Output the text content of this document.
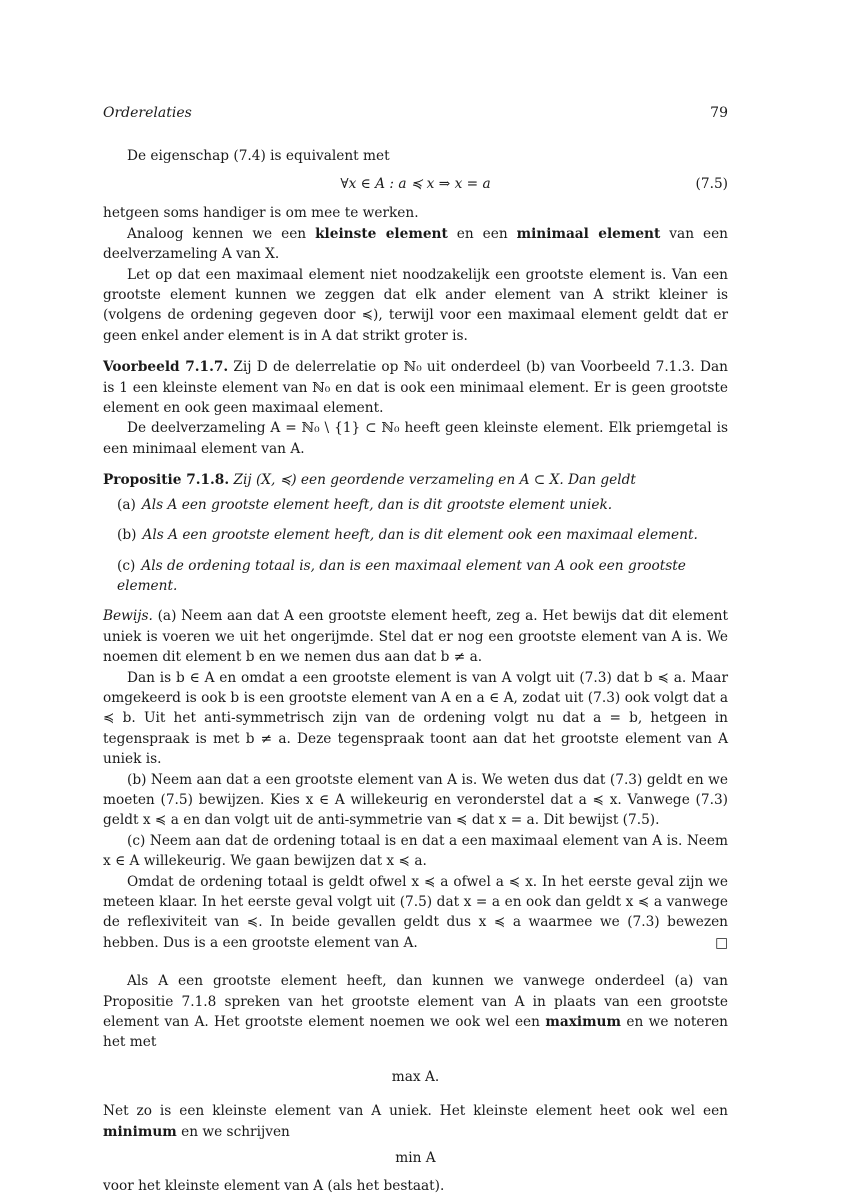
Orderelaties	79

De eigenschap (7.4) is equivalent met

∀x ∈ A : a ≼ x ⇒ x = a	(7.5)

hetgeen soms handiger is om mee te werken.

Analoog kennen we een kleinste element en een minimaal element van een deelverzameling A van X.

Let op dat een maximaal element niet noodzakelijk een grootste element is. Van een grootste element kunnen we zeggen dat elk ander element van A strikt kleiner is (volgens de ordening gegeven door ≼), terwijl voor een maximaal element geldt dat er geen enkel ander element is in A dat strikt groter is.

Voorbeeld 7.1.7. Zij D de delerrelatie op ℕ₀ uit onderdeel (b) van Voorbeeld 7.1.3. Dan is 1 een kleinste element van ℕ₀ en dat is ook een minimaal element. Er is geen grootste element en ook geen maximaal element.

De deelverzameling A = ℕ₀ \ {1} ⊂ ℕ₀ heeft geen kleinste element. Elk priemgetal is een minimaal element van A.

Propositie 7.1.8. Zij (X, ≼) een geordende verzameling en A ⊂ X. Dan geldt

(a) Als A een grootste element heeft, dan is dit grootste element uniek.
(b) Als A een grootste element heeft, dan is dit element ook een maximaal element.
(c) Als de ordening totaal is, dan is een maximaal element van A ook een grootste element.

Bewijs. (a) Neem aan dat A een grootste element heeft, zeg a. Het bewijs dat dit element uniek is voeren we uit het ongerijmde. Stel dat er nog een grootste element van A is. We noemen dit element b en we nemen dus aan dat b ≠ a.

Dan is b ∈ A en omdat a een grootste element is van A volgt uit (7.3) dat b ≼ a. Maar omgekeerd is ook b is een grootste element van A en a ∈ A, zodat uit (7.3) ook volgt dat a ≼ b. Uit het anti-symmetrisch zijn van de ordening volgt nu dat a = b, hetgeen in tegenspraak is met b ≠ a. Deze tegenspraak toont aan dat het grootste element van A uniek is.

(b) Neem aan dat a een grootste element van A is. We weten dus dat (7.3) geldt en we moeten (7.5) bewijzen. Kies x ∈ A willekeurig en veronderstel dat a ≼ x. Vanwege (7.3) geldt x ≼ a en dan volgt uit de anti-symmetrie van ≼ dat x = a. Dit bewijst (7.5).

(c) Neem aan dat de ordening totaal is en dat a een maximaal element van A is. Neem x ∈ A willekeurig. We gaan bewijzen dat x ≼ a.

Omdat de ordening totaal is geldt ofwel x ≼ a ofwel a ≼ x. In het eerste geval zijn we meteen klaar. In het eerste geval volgt uit (7.5) dat x = a en ook dan geldt x ≼ a vanwege de reflexiviteit van ≼. In beide gevallen geldt dus x ≼ a waarmee we (7.3) bewezen hebben. Dus is a een grootste element van A.	□

Als A een grootste element heeft, dan kunnen we vanwege onderdeel (a) van Propositie 7.1.8 spreken van het grootste element van A in plaats van een grootste element van A. Het grootste element noemen we ook wel een maximum en we noteren het met

max A.

Net zo is een kleinste element van A uniek. Het kleinste element heet ook wel een minimum en we schrijven

min A

voor het kleinste element van A (als het bestaat).
